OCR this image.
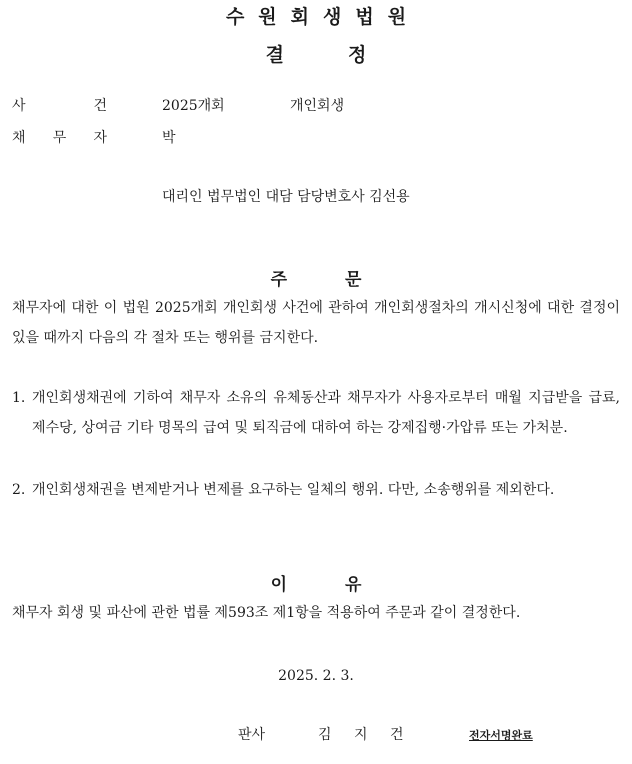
수원회생법원
결정
사	건	2025개회	개인회생
채 무 자	박
대리인 법무법인 대담 담당변호사 김선용
주문
채무자에 대한 이 법원 2025개회 개인회생 사건에 관하여 개인회생절차의 개시신청에 대한 결정이 있을 때까지 다음의 각 절차 또는 행위를 금지한다.
1. 개인회생채권에 기하여 채무자 소유의 유체동산과 채무자가 사용자로부터 매월 지급받을 급료, 제수당, 상여금 기타 명목의 급여 및 퇴직금에 대하여 하는 강제집행·가압류 또는 가처분.
2. 개인회생채권을 변제받거나 변제를 요구하는 일체의 행위. 다만, 소송행위를 제외한다.
이유
채무자 회생 및 파산에 관한 법률 제593조 제1항을 적용하여 주문과 같이 결정한다.
2025. 2. 3.
판사	김 지 건	전자서명완료
